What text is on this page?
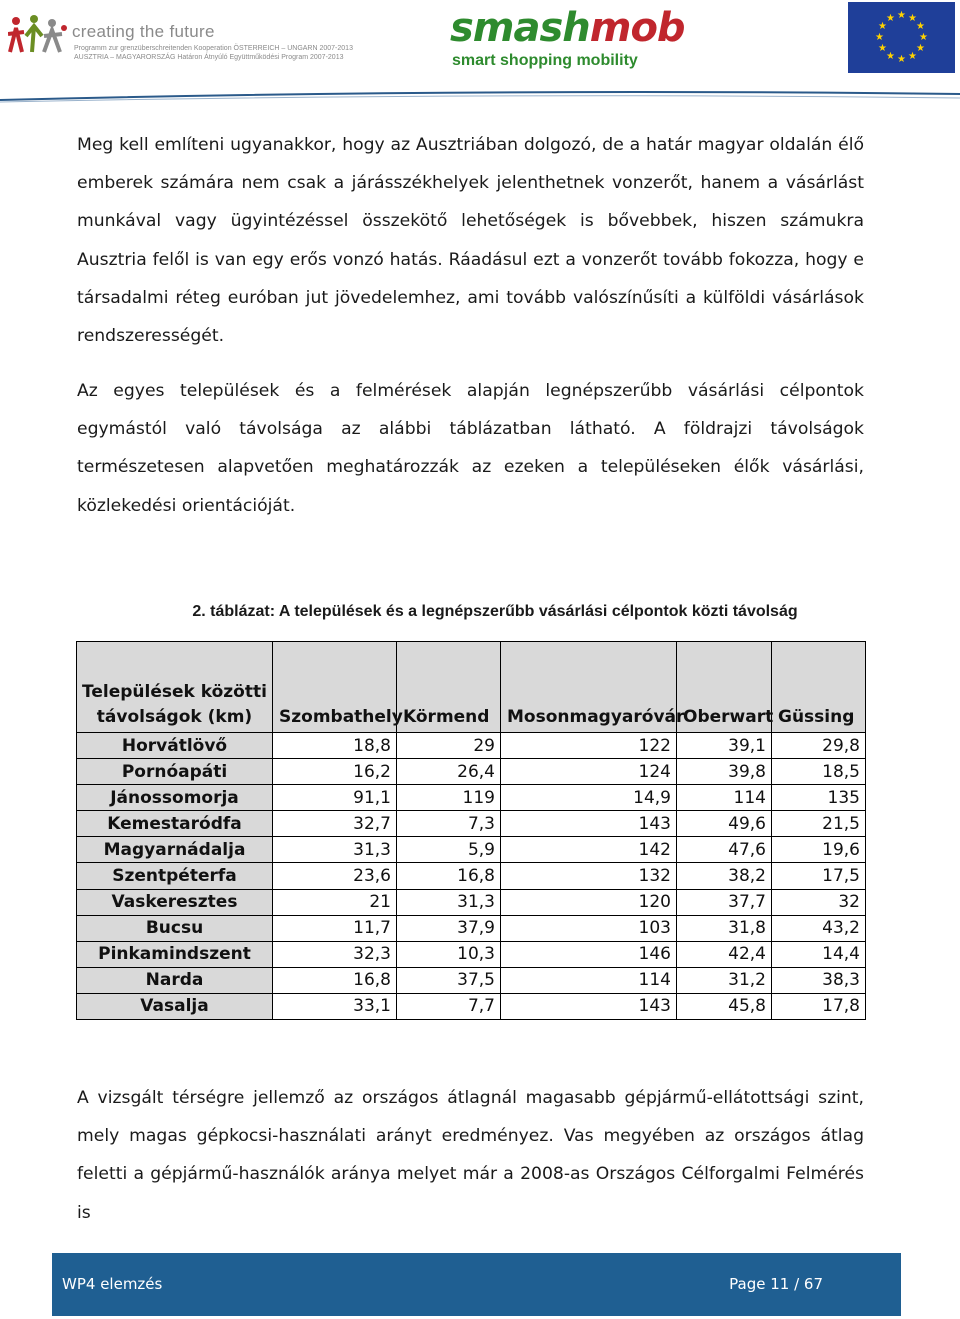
creating the future
Programm zur grenzüberschreitenden Kooperation ÖSTERREICH – UNGARN 2007-2013
AUSZTRIA – MAGYARORSZÁG Határon Átnyúló Együttműködési Program 2007-2013
smashmob
smart shopping mobility
★ ★
★
★
★
★
★
★
★
★
★
★

Meg kell említeni ugyanakkor, hogy az Ausztriában dolgozó, de a határ magyar oldalán élő emberek számára nem csak a járásszékhelyek jelenthetnek vonzerőt, hanem a vásárlást munkával vagy ügyintézéssel összekötő lehetőségek is bővebbek, hiszen számukra Ausztria felől is van egy erős vonzó hatás. Ráadásul ezt a vonzerőt tovább fokozza, hogy e társadalmi réteg euróban jut jövedelemhez, ami tovább valószínűsíti a külföldi vásárlások rendszerességét.

Az egyes települések és a felmérések alapján legnépszerűbb vásárlási célpontok egymástól való távolsága az alábbi táblázatban látható. A földrajzi távolságok természetesen alapvetően meghatározzák az ezeken a településeken élők vásárlási, közlekedési orientációját.

2. táblázat: A települések és a legnépszerűbb vásárlási célpontok közti távolság
Települések közötti távolságok (km)	Szombathely	Körmend	Mosonmagyaróvár	Oberwart	Güssing
Horvátlövő	18,8	29	122	39,1	29,8
Pornóapáti	16,2	26,4	124	39,8	18,5
Jánossomorja	91,1	119	14,9	114	135
Kemestaródfa	32,7	7,3	143	49,6	21,5
Magyarnádalja	31,3	5,9	142	47,6	19,6
Szentpéterfa	23,6	16,8	132	38,2	17,5
Vaskeresztes	21	31,3	120	37,7	32
Bucsu	11,7	37,9	103	31,8	43,2
Pinkamindszent	32,3	10,3	146	42,4	14,4
Narda	16,8	37,5	114	31,2	38,3
Vasalja	33,1	7,7	143	45,8	17,8

A vizsgált térségre jellemző az országos átlagnál magasabb gépjármű-ellátottsági szint, mely magas gépkocsi-használati arányt eredményez. Vas megyében az országos átlag feletti a gépjármű-használók aránya melyet már a 2008-as Országos Célforgalmi Felmérés is

WP4 elemzés	Page 11 / 67
